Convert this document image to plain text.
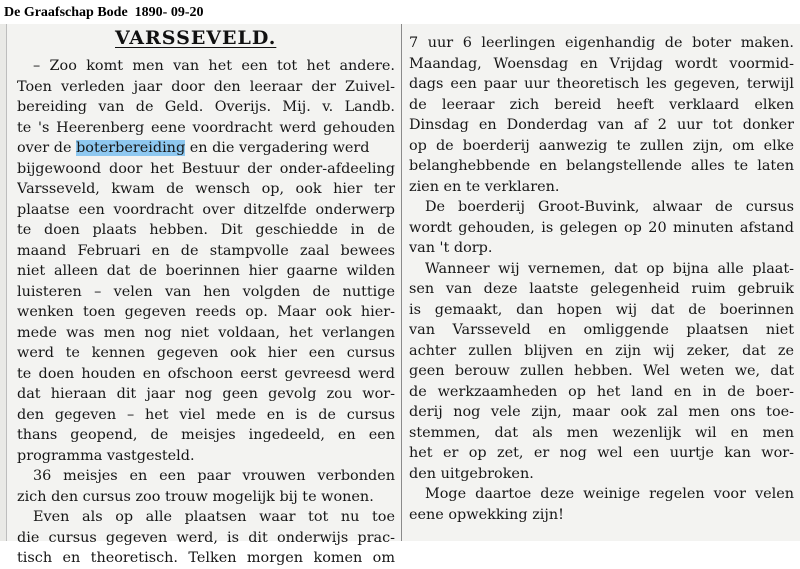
De Graafschap Bode  1890- 09-20
VARSSEVELD.
– Zoo komt men van het een tot het andere.
Toen verleden jaar door den leeraar der Zuivel-
bereiding van de Geld. Overijs. Mij. v. Landb.
te 's Heerenberg eene voordracht werd gehouden
over de boterbereiding en die vergadering werd
bijgewoond door het Bestuur der onder-afdeeling
Varsseveld, kwam de wensch op, ook hier ter
plaatse een voordracht over ditzelfde onderwerp
te doen plaats hebben. Dit geschiedde in de
maand Februari en de stampvolle zaal bewees
niet alleen dat de boerinnen hier gaarne wilden
luisteren – velen van hen volgden de nuttige
wenken toen gegeven reeds op. Maar ook hier-
mede was men nog niet voldaan, het verlangen
werd te kennen gegeven ook hier een cursus
te doen houden en ofschoon eerst gevreesd werd
dat hieraan dit jaar nog geen gevolg zou wor-
den gegeven – het viel mede en is de cursus
thans geopend, de meisjes ingedeeld, en een
programma vastgesteld.
36 meisjes en een paar vrouwen verbonden
zich den cursus zoo trouw mogelijk bij te wonen.
Even als op alle plaatsen waar tot nu toe
die cursus gegeven werd, is dit onderwijs prac-
tisch en theoretisch. Telken morgen komen om
7 uur 6 leerlingen eigenhandig de boter maken.
Maandag, Woensdag en Vrijdag wordt voormid-
dags een paar uur theoretisch les gegeven, terwijl
de leeraar zich bereid heeft verklaard elken
Dinsdag en Donderdag van af 2 uur tot donker
op de boerderij aanwezig te zullen zijn, om elke
belanghebbende en belangstellende alles te laten
zien en te verklaren.
De boerderij Groot-Buvink, alwaar de cursus
wordt gehouden, is gelegen op 20 minuten afstand
van 't dorp.
Wanneer wij vernemen, dat op bijna alle plaat-
sen van deze laatste gelegenheid ruim gebruik
is gemaakt, dan hopen wij dat de boerinnen
van Varsseveld en omliggende plaatsen niet
achter zullen blijven en zijn wij zeker, dat ze
geen berouw zullen hebben. Wel weten we, dat
de werkzaamheden op het land en in de boer-
derij nog vele zijn, maar ook zal men ons toe-
stemmen, dat als men wezenlijk wil en men
het er op zet, er nog wel een uurtje kan wor-
den uitgebroken.
Moge daartoe deze weinige regelen voor velen
eene opwekking zijn!
